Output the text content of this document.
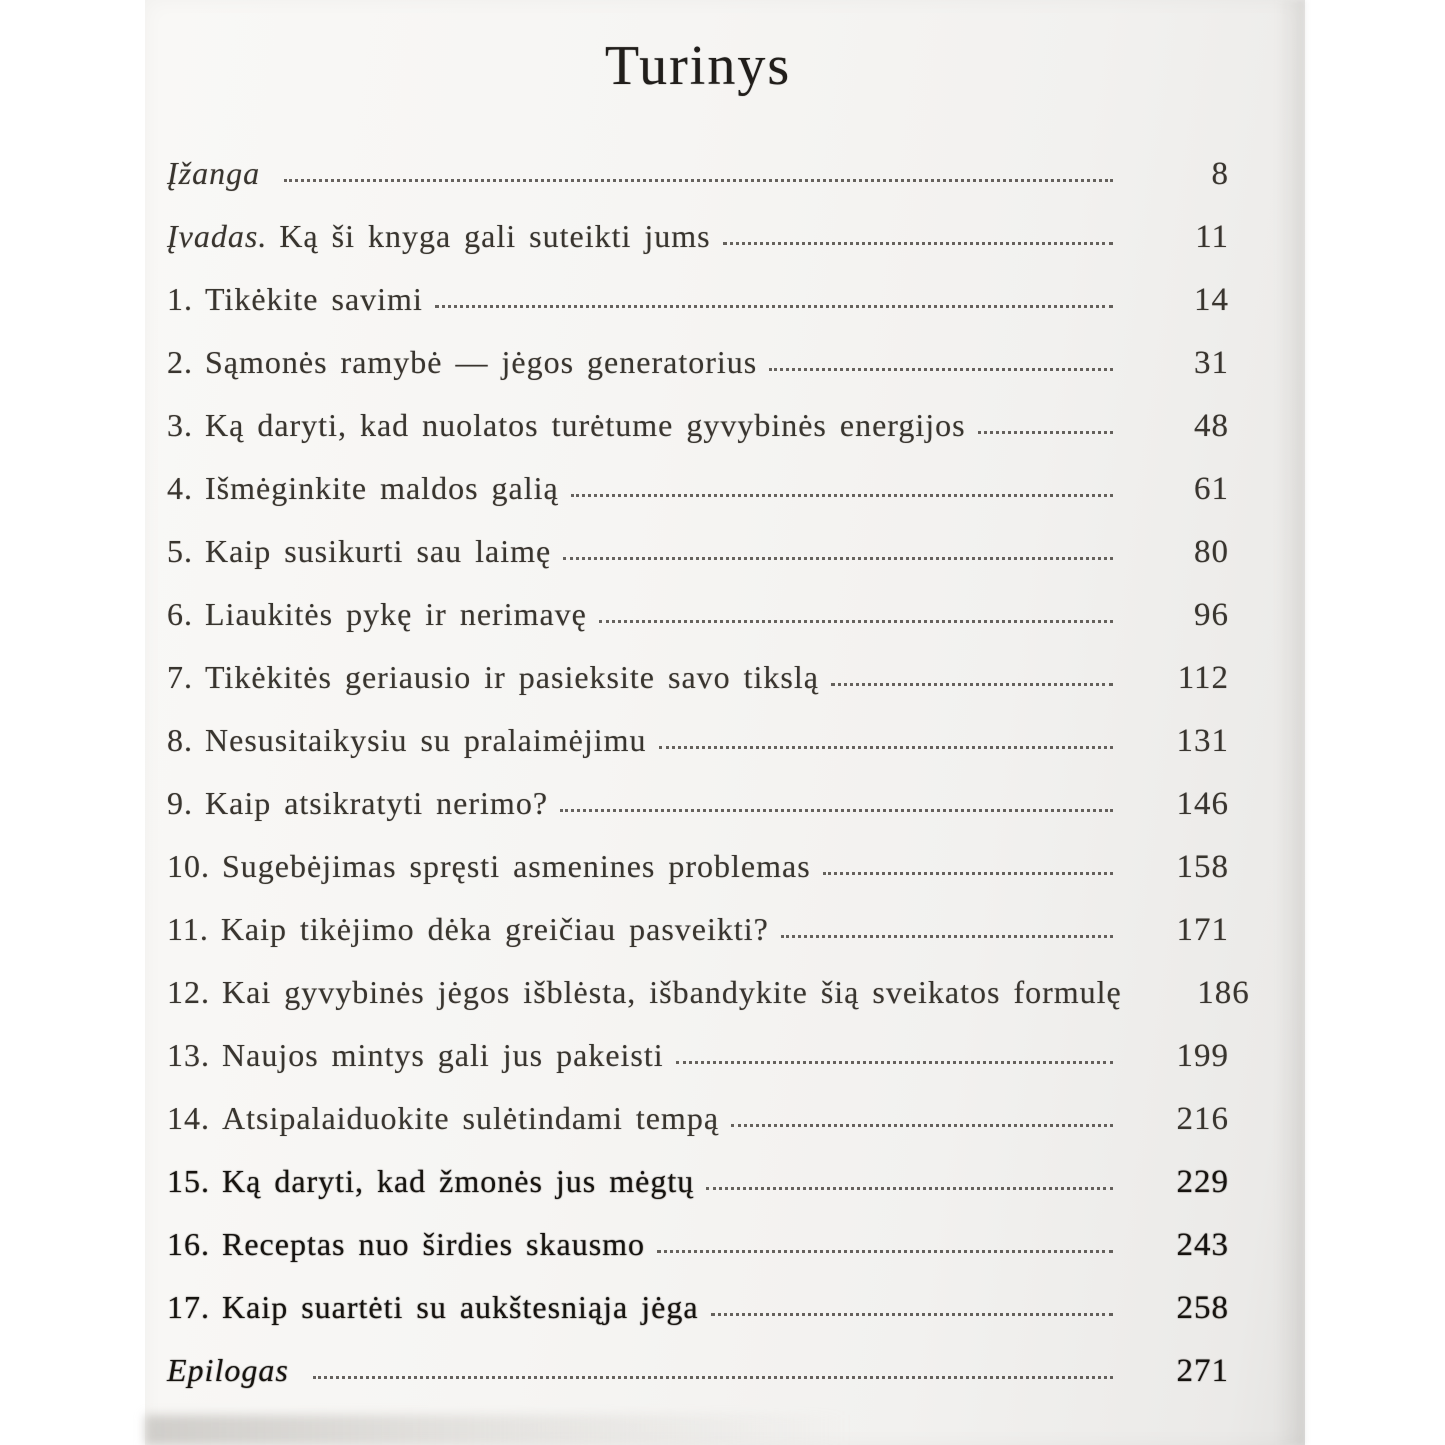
Turinys
Įžanga	8
Įvadas. Ką ši knyga gali suteikti jums	11
1. Tikėkite savimi	14
2. Sąmonės ramybė — jėgos generatorius	31
3. Ką daryti, kad nuolatos turėtume gyvybinės energijos	48
4. Išmėginkite maldos galią	61
5. Kaip susikurti sau laimę	80
6. Liaukitės pykę ir nerimavę	96
7. Tikėkitės geriausio ir pasieksite savo tikslą	112
8. Nesusitaikysiu su pralaimėjimu	131
9. Kaip atsikratyti nerimo?	146
10. Sugebėjimas spręsti asmenines problemas	158
11. Kaip tikėjimo dėka greičiau pasveikti?	171
12. Kai gyvybinės jėgos išblėsta, išbandykite šią sveikatos formulę	186
13. Naujos mintys gali jus pakeisti	199
14. Atsipalaiduokite sulėtindami tempą	216
15. Ką daryti, kad žmonės jus mėgtų	229
16. Receptas nuo širdies skausmo	243
17. Kaip suartėti su aukštesniąja jėga	258
Epilogas	271
